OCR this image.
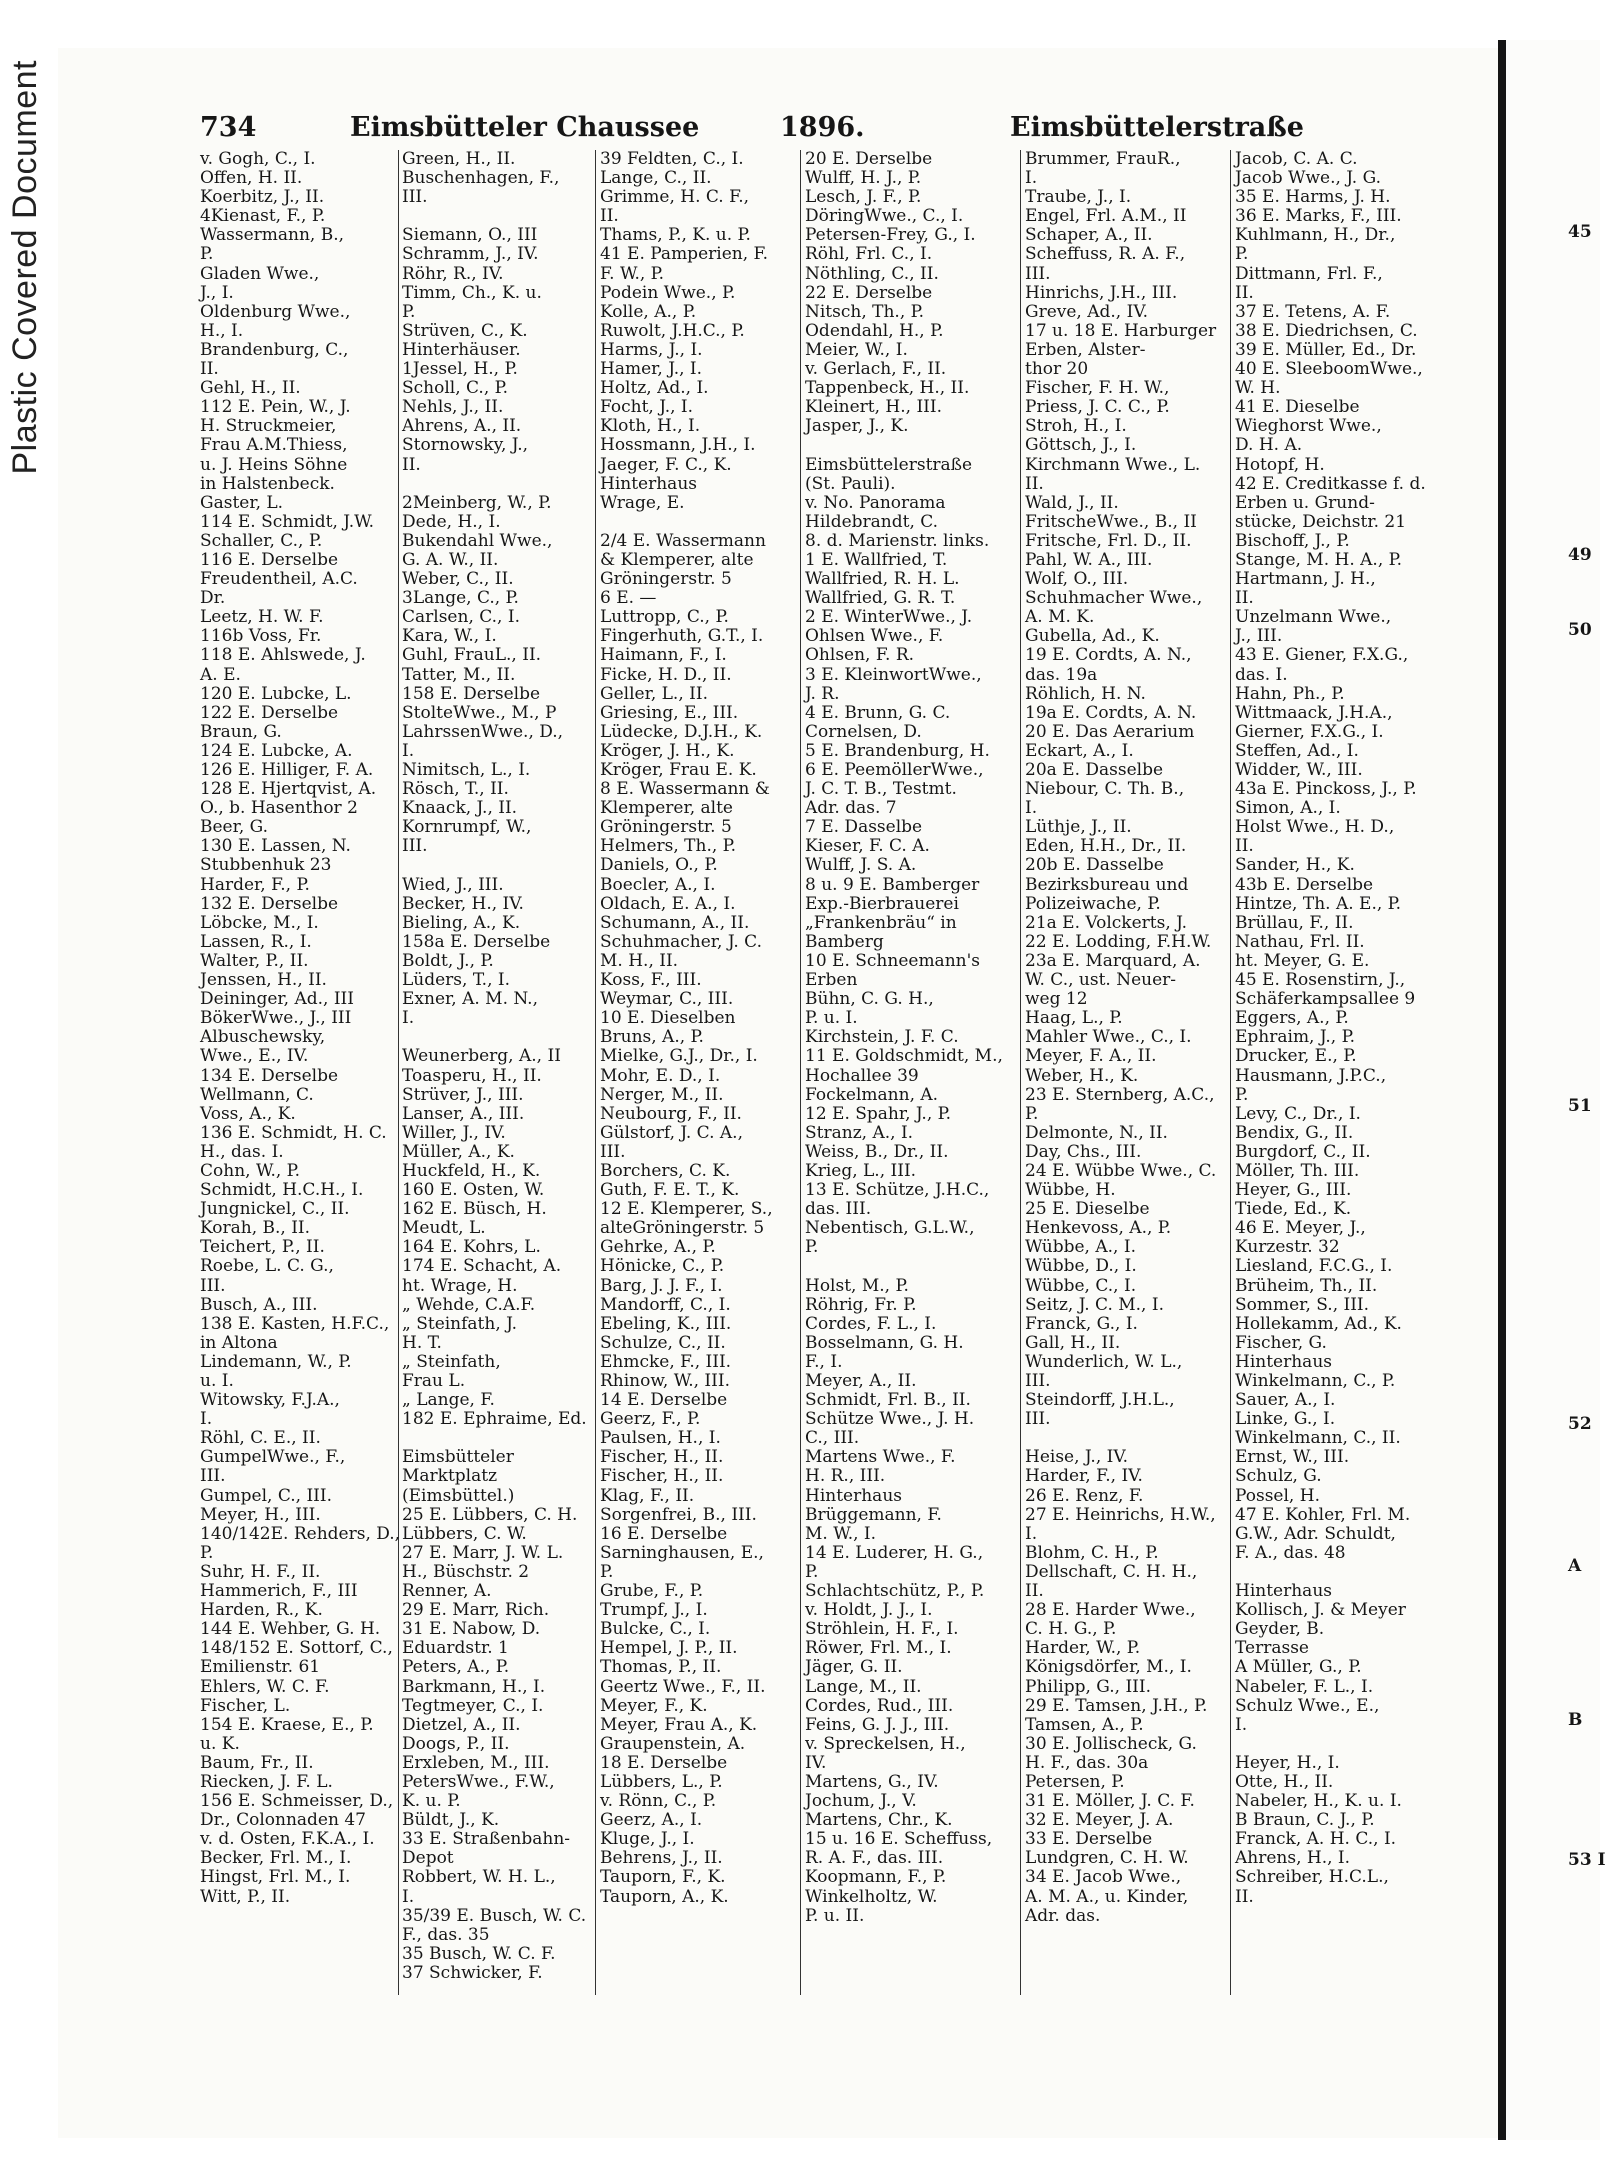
Plastic Covered Document	734	Eimsbütteler Chaussee	1896.	Eimsbüttelerstraße
v. Gogh, C., I.
Offen, H. II.
Koerbitz, J., II.
4Kienast, F., P.
Wassermann, B.,
P.
Gladen Wwe.,
J., I.
Oldenburg Wwe.,
H., I.
Brandenburg, C.,
II.
Gehl, H., II.
112 E. Pein, W., J.
H. Struckmeier,
Frau A.M.Thiess,
u. J. Heins Söhne
in Halstenbeck.
Gaster, L.
114 E. Schmidt, J.W.
Schaller, C., P.
116 E. Derselbe
Freudentheil, A.C.
Dr.
Leetz, H. W. F.
116b Voss, Fr.
118 E. Ahlswede, J.
A. E.
120 E. Lubcke, L.
122 E. Derselbe
Braun, G.
124 E. Lubcke, A.
126 E. Hilliger, F. A.
128 E. Hjertqvist, A.
O., b. Hasenthor 2
Beer, G.
130 E. Lassen, N.
Stubbenhuk 23
Harder, F., P.
132 E. Derselbe
Löbcke, M., I.
Lassen, R., I.
Walter, P., II.
Jenssen, H., II.
Deininger, Ad., III
BökerWwe., J., III
Albuschewsky,
Wwe., E., IV.
134 E. Derselbe
Wellmann, C.
Voss, A., K.
136 E. Schmidt, H. C.
H., das. I.
Cohn, W., P.
Schmidt, H.C.H., I.
Jungnickel, C., II.
Korah, B., II.
Teichert, P., II.
Roebe, L. C. G.,
III.
Busch, A., III.
138 E. Kasten, H.F.C.,
in Altona
Lindemann, W., P.
u. I.
Witowsky, F.J.A.,
I.
Röhl, C. E., II.
GumpelWwe., F.,
III.
Gumpel, C., III.
Meyer, H., III.
140/142E. Rehders, D.,
P.
Suhr, H. F., II.
Hammerich, F., III
Harden, R., K.
144 E. Wehber, G. H.
148/152 E. Sottorf, C.,
Emilienstr. 61
Ehlers, W. C. F.
Fischer, L.
154 E. Kraese, E., P.
u. K.
Baum, Fr., II.
Riecken, J. F. L.
156 E. Schmeisser, D.,
Dr., Colonnaden 47
v. d. Osten, F.K.A., I.
Becker, Frl. M., I.
Hingst, Frl. M., I.
Witt, P., II.
Green, H., II.
Buschenhagen, F.,
III.
Siemann, O., III
Schramm, J., IV.
Röhr, R., IV.
Timm, Ch., K. u.
P.
Strüven, C., K.
Hinterhäuser.
1Jessel, H., P.
Scholl, C., P.
Nehls, J., II.
Ahrens, A., II.
Stornowsky, J.,
II.
2Meinberg, W., P.
Dede, H., I.
Bukendahl Wwe.,
G. A. W., II.
Weber, C., II.
3Lange, C., P.
Carlsen, C., I.
Kara, W., I.
Guhl, FrauL., II.
Tatter, M., II.
158 E. Derselbe
StolteWwe., M., P
LahrssenWwe., D.,
I.
Nimitsch, L., I.
Rösch, T., II.
Knaack, J., II.
Kornrumpf, W.,
III.
Wied, J., III.
Becker, H., IV.
Bieling, A., K.
158a E. Derselbe
Boldt, J., P.
Lüders, T., I.
Exner, A. M. N.,
I.
Weunerberg, A., II
Toasperu, H., II.
Strüver, J., III.
Lanser, A., III.
Willer, J., IV.
Müller, A., K.
Huckfeld, H., K.
160 E. Osten, W.
162 E. Büsch, H.
Meudt, L.
164 E. Kohrs, L.
174 E. Schacht, A.
ht. Wrage, H.
„ Wehde, C.A.F.
„ Steinfath, J.
H. T.
„ Steinfath,
Frau L.
„ Lange, F.
182 E. Ephraime, Ed.
Eimsbütteler
Marktplatz
(Eimsbüttel.)
25 E. Lübbers, C. H.
Lübbers, C. W.
27 E. Marr, J. W. L.
H., Büschstr. 2
Renner, A.
29 E. Marr, Rich.
31 E. Nabow, D.
Eduardstr. 1
Peters, A., P.
Barkmann, H., I.
Tegtmeyer, C., I.
Dietzel, A., II.
Doogs, P., II.
Erxleben, M., III.
PetersWwe., F.W.,
K. u. P.
Büldt, J., K.
33 E. Straßenbahn-
Depot
Robbert, W. H. L.,
I.
35/39 E. Busch, W. C.
F., das. 35
35 Busch, W. C. F.
37 Schwicker, F.
39 Feldten, C., I.
Lange, C., II.
Grimme, H. C. F.,
II.
Thams, P., K. u. P.
41 E. Pamperien, F.
F. W., P.
Podein Wwe., P.
Kolle, A., P.
Ruwolt, J.H.C., P.
Harms, J., I.
Hamer, J., I.
Holtz, Ad., I.
Focht, J., I.
Kloth, H., I.
Hossmann, J.H., I.
Jaeger, F. C., K.
Hinterhaus
Wrage, E.
2/4 E. Wassermann
& Klemperer, alte
Gröningerstr. 5
6 E. —
Luttropp, C., P.
Fingerhuth, G.T., I.
Haimann, F., I.
Ficke, H. D., II.
Geller, L., II.
Griesing, E., III.
Lüdecke, D.J.H., K.
Kröger, J. H., K.
Kröger, Frau E. K.
8 E. Wassermann &
Klemperer, alte
Gröningerstr. 5
Helmers, Th., P.
Daniels, O., P.
Boecler, A., I.
Oldach, E. A., I.
Schumann, A., II.
Schuhmacher, J. C.
M. H., II.
Koss, F., III.
Weymar, C., III.
10 E. Dieselben
Bruns, A., P.
Mielke, G.J., Dr., I.
Mohr, E. D., I.
Nerger, M., II.
Neubourg, F., II.
Gülstorf, J. C. A.,
III.
Borchers, C. K.
Guth, F. E. T., K.
12 E. Klemperer, S.,
alteGröningerstr. 5
Gehrke, A., P.
Hönicke, C., P.
Barg, J. J. F., I.
Mandorff, C., I.
Ebeling, K., III.
Schulze, C., II.
Ehmcke, F., III.
Rhinow, W., III.
14 E. Derselbe
Geerz, F., P.
Paulsen, H., I.
Fischer, H., II.
Fischer, H., II.
Klag, F., II.
Sorgenfrei, B., III.
16 E. Derselbe
Sarninghausen, E.,
P.
Grube, F., P.
Trumpf, J., I.
Bulcke, C., I.
Hempel, J. P., II.
Thomas, P., II.
Geertz Wwe., F., II.
Meyer, F., K.
Meyer, Frau A., K.
Graupenstein, A.
18 E. Derselbe
Lübbers, L., P.
v. Rönn, C., P.
Geerz, A., I.
Kluge, J., I.
Behrens, J., II.
Tauporn, F., K.
Tauporn, A., K.
20 E. Derselbe
Wulff, H. J., P.
Lesch, J. F., P.
DöringWwe., C., I.
Petersen-Frey, G., I.
Röhl, Frl. C., I.
Nöthling, C., II.
22 E. Derselbe
Nitsch, Th., P.
Odendahl, H., P.
Meier, W., I.
v. Gerlach, F., II.
Tappenbeck, H., II.
Kleinert, H., III.
Jasper, J., K.
Eimsbüttelerstraße
(St. Pauli).
v. No. Panorama
Hildebrandt, C.
8. d. Marienstr. links.
1 E. Wallfried, T.
Wallfried, R. H. L.
Wallfried, G. R. T.
2 E. WinterWwe., J.
Ohlsen Wwe., F.
Ohlsen, F. R.
3 E. KleinwortWwe.,
J. R.
4 E. Brunn, G. C.
Cornelsen, D.
5 E. Brandenburg, H.
6 E. PeemöllerWwe.,
J. C. T. B., Testmt.
Adr. das. 7
7 E. Dasselbe
Kieser, F. C. A.
Wulff, J. S. A.
8 u. 9 E. Bamberger
Exp.-Bierbrauerei
„Frankenbräu“ in
Bamberg
10 E. Schneemann's
Erben
Bühn, C. G. H.,
P. u. I.
Kirchstein, J. F. C.
11 E. Goldschmidt, M.,
Hochallee 39
Fockelmann, A.
12 E. Spahr, J., P.
Stranz, A., I.
Weiss, B., Dr., II.
Krieg, L., III.
13 E. Schütze, J.H.C.,
das. III.
Nebentisch, G.L.W.,
P.
Holst, M., P.
Röhrig, Fr. P.
Cordes, F. L., I.
Bosselmann, G. H.
F., I.
Meyer, A., II.
Schmidt, Frl. B., II.
Schütze Wwe., J. H.
C., III.
Martens Wwe., F.
H. R., III.
Hinterhaus
Brüggemann, F.
M. W., I.
14 E. Luderer, H. G.,
P.
Schlachtschütz, P., P.
v. Holdt, J. J., I.
Ströhlein, H. F., I.
Röwer, Frl. M., I.
Jäger, G. II.
Lange, M., II.
Cordes, Rud., III.
Feins, G. J. J., III.
v. Spreckelsen, H.,
IV.
Martens, G., IV.
Jochum, J., V.
Martens, Chr., K.
15 u. 16 E. Scheffuss,
R. A. F., das. III.
Koopmann, F., P.
Winkelholtz, W.
P. u. II.
Brummer, FrauR.,
I.
Traube, J., I.
Engel, Frl. A.M., II
Schaper, A., II.
Scheffuss, R. A. F.,
III.
Hinrichs, J.H., III.
Greve, Ad., IV.
17 u. 18 E. Harburger
Erben, Alster-
thor 20
Fischer, F. H. W.,
Priess, J. C. C., P.
Stroh, H., I.
Göttsch, J., I.
Kirchmann Wwe., L.
II.
Wald, J., II.
FritscheWwe., B., II
Fritsche, Frl. D., II.
Pahl, W. A., III.
Wolf, O., III.
Schuhmacher Wwe.,
A. M. K.
Gubella, Ad., K.
19 E. Cordts, A. N.,
das. 19a
Röhlich, H. N.
19a E. Cordts, A. N.
20 E. Das Aerarium
Eckart, A., I.
20a E. Dasselbe
Niebour, C. Th. B.,
I.
Lüthje, J., II.
Eden, H.H., Dr., II.
20b E. Dasselbe
Bezirksbureau und
Polizeiwache, P.
21a E. Volckerts, J.
22 E. Lodding, F.H.W.
23a E. Marquard, A.
W. C., ust. Neuer-
weg 12
Haag, L., P.
Mahler Wwe., C., I.
Meyer, F. A., II.
Weber, H., K.
23 E. Sternberg, A.C.,
P.
Delmonte, N., II.
Day, Chs., III.
24 E. Wübbe Wwe., C.
Wübbe, H.
25 E. Dieselbe
Henkevoss, A., P.
Wübbe, A., I.
Wübbe, D., I.
Wübbe, C., I.
Seitz, J. C. M., I.
Franck, G., I.
Gall, H., II.
Wunderlich, W. L.,
III.
Steindorff, J.H.L.,
III.
Heise, J., IV.
Harder, F., IV.
26 E. Renz, F.
27 E. Heinrichs, H.W.,
I.
Blohm, C. H., P.
Dellschaft, C. H. H.,
II.
28 E. Harder Wwe.,
C. H. G., P.
Harder, W., P.
Königsdörfer, M., I.
Philipp, G., III.
29 E. Tamsen, J.H., P.
Tamsen, A., P.
30 E. Jollischeck, G.
H. F., das. 30a
Petersen, P.
31 E. Möller, J. C. F.
32 E. Meyer, J. A.
33 E. Derselbe
Lundgren, C. H. W.
34 E. Jacob Wwe.,
A. M. A., u. Kinder,
Adr. das.
Jacob, C. A. C.
Jacob Wwe., J. G.
35 E. Harms, J. H.
36 E. Marks, F., III.
Kuhlmann, H., Dr.,
P.
Dittmann, Frl. F.,
II.
37 E. Tetens, A. F.
38 E. Diedrichsen, C.
39 E. Müller, Ed., Dr.
40 E. SleeboomWwe.,
W. H.
41 E. Dieselbe
Wieghorst Wwe.,
D. H. A.
Hotopf, H.
42 E. Creditkasse f. d.
Erben u. Grund-
stücke, Deichstr. 21
Bischoff, J., P.
Stange, M. H. A., P.
Hartmann, J. H.,
II.
Unzelmann Wwe.,
J., III.
43 E. Giener, F.X.G.,
das. I.
Hahn, Ph., P.
Wittmaack, J.H.A.,
Gierner, F.X.G., I.
Steffen, Ad., I.
Widder, W., III.
43a E. Pinckoss, J., P.
Simon, A., I.
Holst Wwe., H. D.,
II.
Sander, H., K.
43b E. Derselbe
Hintze, Th. A. E., P.
Brüllau, F., II.
Nathau, Frl. II.
ht. Meyer, G. E.
45 E. Rosenstirn, J.,
Schäferkampsallee 9
Eggers, A., P.
Ephraim, J., P.
Drucker, E., P.
Hausmann, J.P.C.,
P.
Levy, C., Dr., I.
Bendix, G., II.
Burgdorf, C., II.
Möller, Th. III.
Heyer, G., III.
Tiede, Ed., K.
46 E. Meyer, J.,
Kurzestr. 32
Liesland, F.C.G., I.
Brüheim, Th., II.
Sommer, S., III.
Hollekamm, Ad., K.
Fischer, G.
Hinterhaus
Winkelmann, C., P.
Sauer, A., I.
Linke, G., I.
Winkelmann, C., II.
Ernst, W., III.
Schulz, G.
Possel, H.
47 E. Kohler, Frl. M.
G.W., Adr. Schuldt,
F. A., das. 48
Hinterhaus
Kollisch, J. & Meyer
Geyder, B.
Terrasse
A Müller, G., P.
Nabeler, F. L., I.
Schulz Wwe., E.,
I.
Heyer, H., I.
Otte, H., II.
Nabeler, H., K. u. I.
B Braun, C. J., P.
Franck, A. H. C., I.
Ahrens, H., I.
Schreiber, H.C.L.,
II.
45
49
50
51
52
A
B
53 I
